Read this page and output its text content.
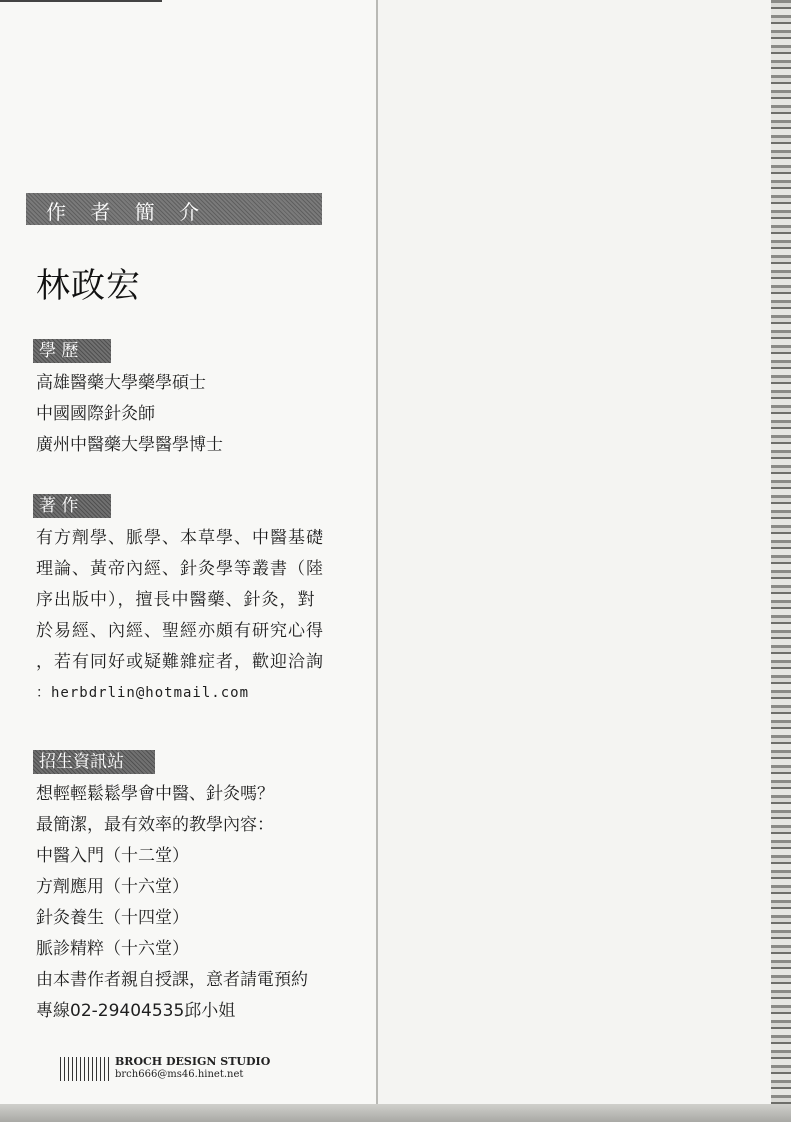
作 者 簡 介
林政宏
學 歷
高雄醫藥大學藥學碩士
中國國際針灸師
廣州中醫藥大學醫學博士
著 作
有方劑學、脈學、本草學、中醫基礎
理論、黃帝內經、針灸學等叢書（陸
序出版中），擅長中醫藥、針灸，對
於易經、內經、聖經亦頗有研究心得
，若有同好或疑難雜症者，歡迎洽詢
：herbdrlin@hotmail.com
招生資訊站
想輕輕鬆鬆學會中醫、針灸嗎？
最簡潔，最有效率的教學內容：
中醫入門（十二堂）
方劑應用（十六堂）
針灸養生（十四堂）
脈診精粹（十六堂）
由本書作者親自授課，意者請電預約
專線02-29404535邱小姐
BROCH DESIGN STUDIO
brch666@ms46.hinet.net
